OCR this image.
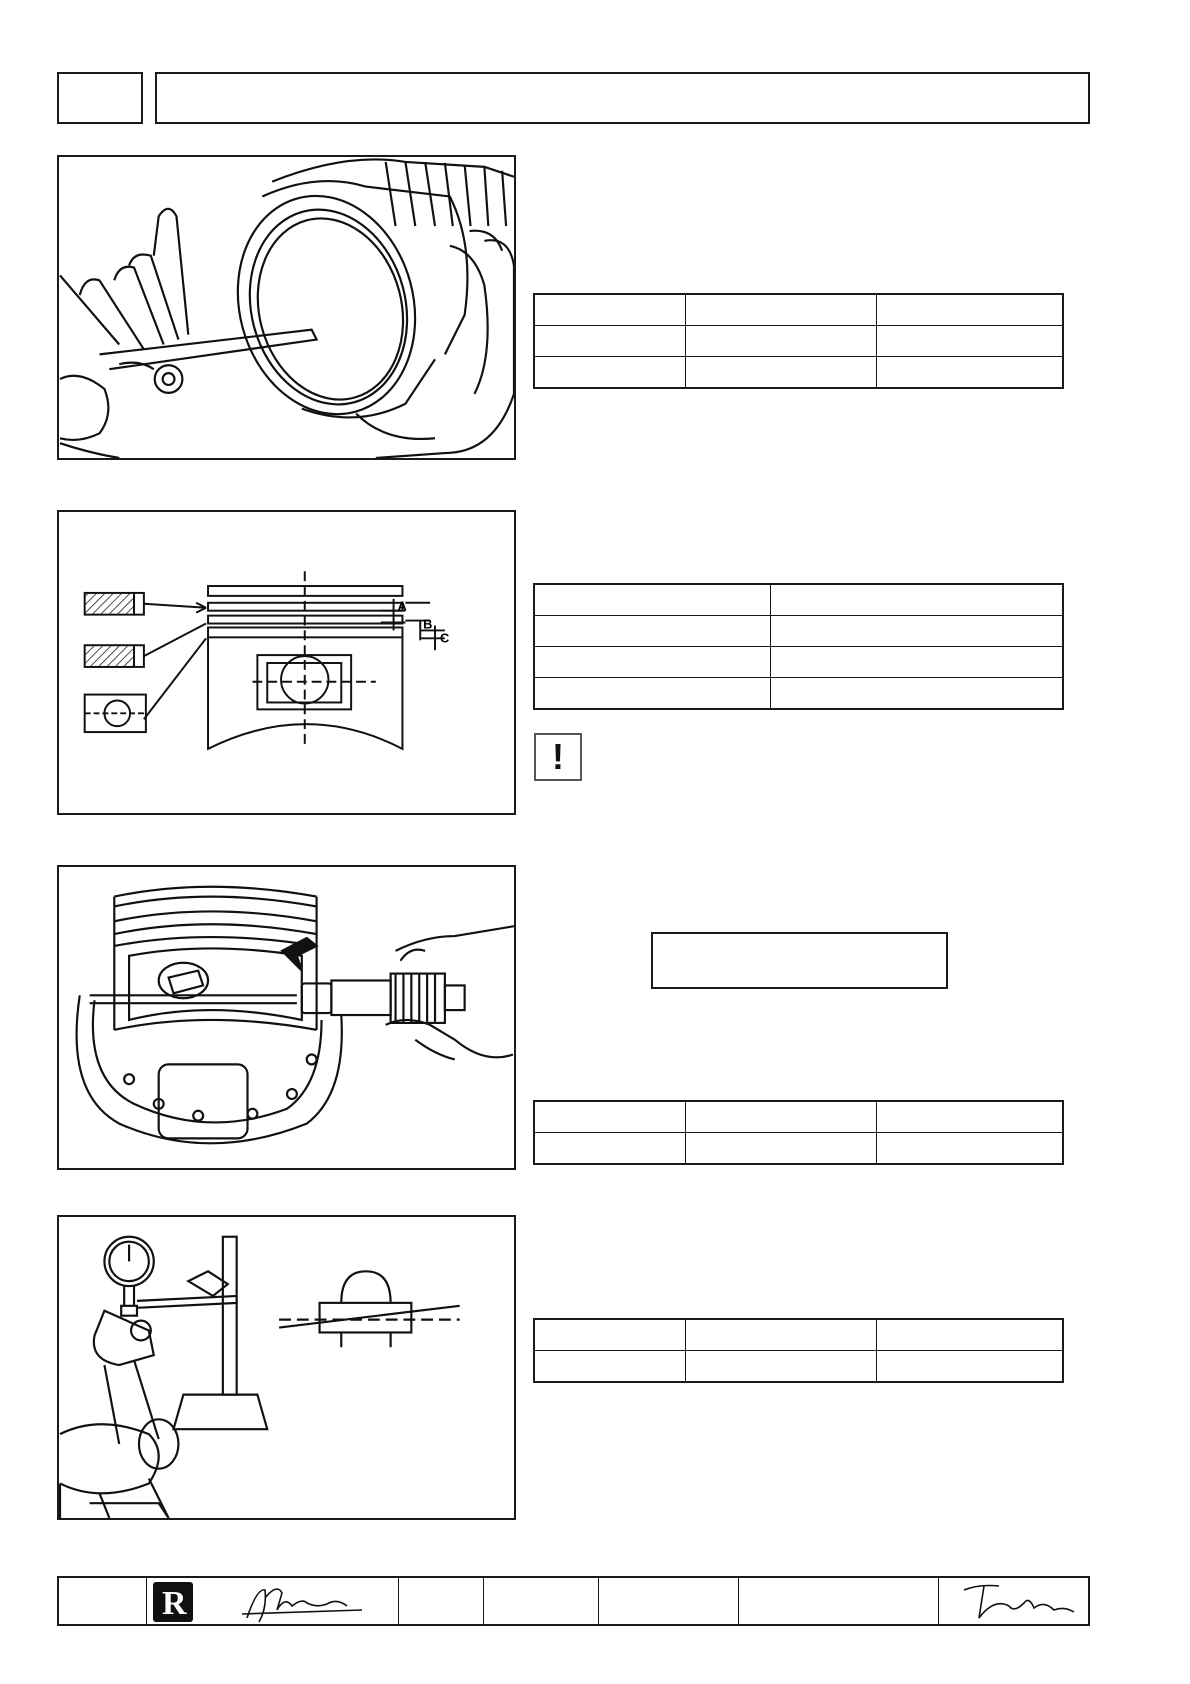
A
B
C

!

R
